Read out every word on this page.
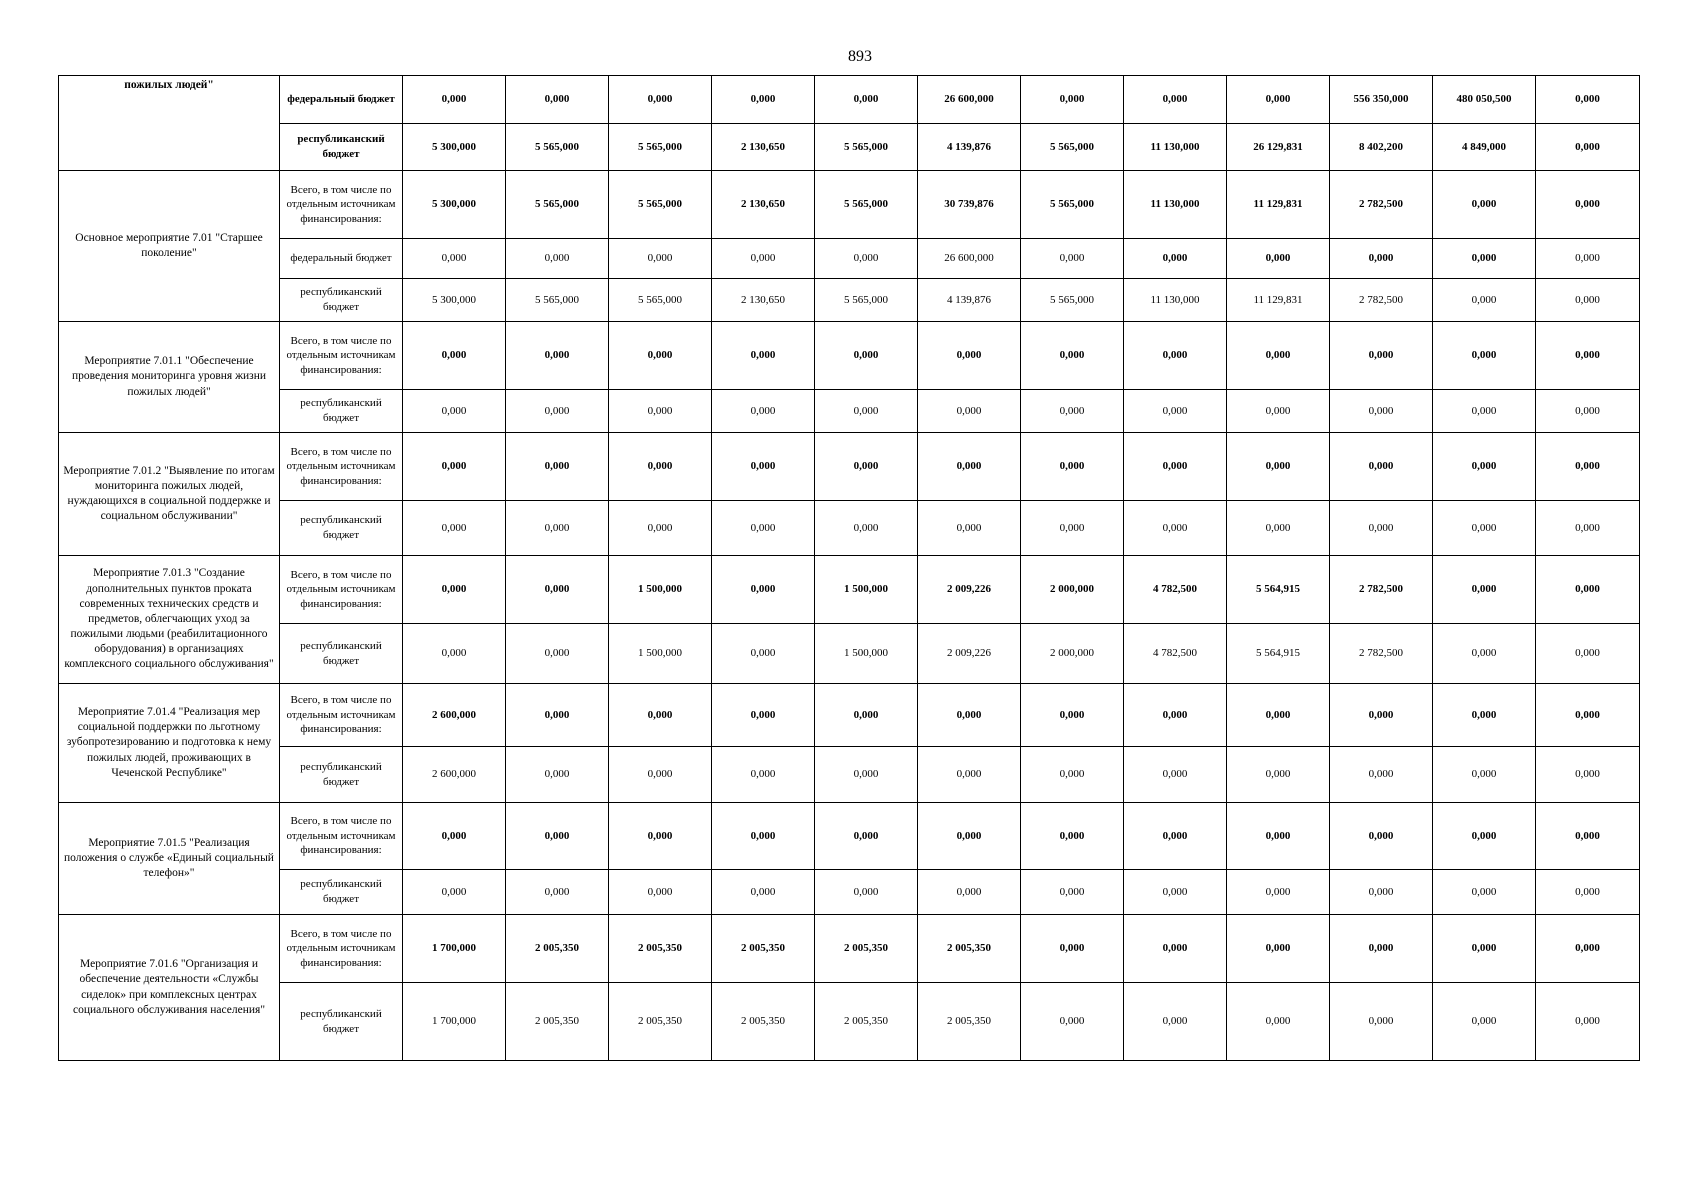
893
пожилых людей"	федеральный бюджет	0,000	0,000	0,000	0,000	0,000	26 600,000	0,000	0,000	0,000	556 350,000	480 050,500	0,000
	республиканский бюджет	5 300,000	5 565,000	5 565,000	2 130,650	5 565,000	4 139,876	5 565,000	11 130,000	26 129,831	8 402,200	4 849,000	0,000
Основное мероприятие 7.01 "Старшее поколение"	Всего, в том числе по отдельным источникам финансирования:	5 300,000	5 565,000	5 565,000	2 130,650	5 565,000	30 739,876	5 565,000	11 130,000	11 129,831	2 782,500	0,000	0,000
	федеральный бюджет	0,000	0,000	0,000	0,000	0,000	26 600,000	0,000	0,000	0,000	0,000	0,000	0,000
	республиканский бюджет	5 300,000	5 565,000	5 565,000	2 130,650	5 565,000	4 139,876	5 565,000	11 130,000	11 129,831	2 782,500	0,000	0,000
Мероприятие 7.01.1 "Обеспечение проведения мониторинга уровня жизни пожилых людей"	Всего, в том числе по отдельным источникам финансирования:	0,000	0,000	0,000	0,000	0,000	0,000	0,000	0,000	0,000	0,000	0,000	0,000
	республиканский бюджет	0,000	0,000	0,000	0,000	0,000	0,000	0,000	0,000	0,000	0,000	0,000	0,000
Мероприятие 7.01.2 "Выявление по итогам мониторинга пожилых людей, нуждающихся в социальной поддержке и социальном обслуживании"	Всего, в том числе по отдельным источникам финансирования:	0,000	0,000	0,000	0,000	0,000	0,000	0,000	0,000	0,000	0,000	0,000	0,000
	республиканский бюджет	0,000	0,000	0,000	0,000	0,000	0,000	0,000	0,000	0,000	0,000	0,000	0,000
Мероприятие 7.01.3 "Создание дополнительных пунктов проката современных технических средств и предметов, облегчающих уход за пожилыми людьми (реабилитационного оборудования) в организациях комплексного социального обслуживания"	Всего, в том числе по отдельным источникам финансирования:	0,000	0,000	1 500,000	0,000	1 500,000	2 009,226	2 000,000	4 782,500	5 564,915	2 782,500	0,000	0,000
	республиканский бюджет	0,000	0,000	1 500,000	0,000	1 500,000	2 009,226	2 000,000	4 782,500	5 564,915	2 782,500	0,000	0,000
Мероприятие 7.01.4 "Реализация мер социальной поддержки по льготному зубопротезированию и подготовка к нему пожилых людей, проживающих в Чеченской Республике"	Всего, в том числе по отдельным источникам финансирования:	2 600,000	0,000	0,000	0,000	0,000	0,000	0,000	0,000	0,000	0,000	0,000	0,000
	республиканский бюджет	2 600,000	0,000	0,000	0,000	0,000	0,000	0,000	0,000	0,000	0,000	0,000	0,000
Мероприятие 7.01.5 "Реализация положения о службе «Единый социальный телефон»"	Всего, в том числе по отдельным источникам финансирования:	0,000	0,000	0,000	0,000	0,000	0,000	0,000	0,000	0,000	0,000	0,000	0,000
	республиканский бюджет	0,000	0,000	0,000	0,000	0,000	0,000	0,000	0,000	0,000	0,000	0,000	0,000
Мероприятие 7.01.6 "Организация и обеспечение деятельности «Службы сиделок» при комплексных центрах социального обслуживания населения"	Всего, в том числе по отдельным источникам финансирования:	1 700,000	2 005,350	2 005,350	2 005,350	2 005,350	2 005,350	0,000	0,000	0,000	0,000	0,000	0,000
	республиканский бюджет	1 700,000	2 005,350	2 005,350	2 005,350	2 005,350	2 005,350	0,000	0,000	0,000	0,000	0,000	0,000
